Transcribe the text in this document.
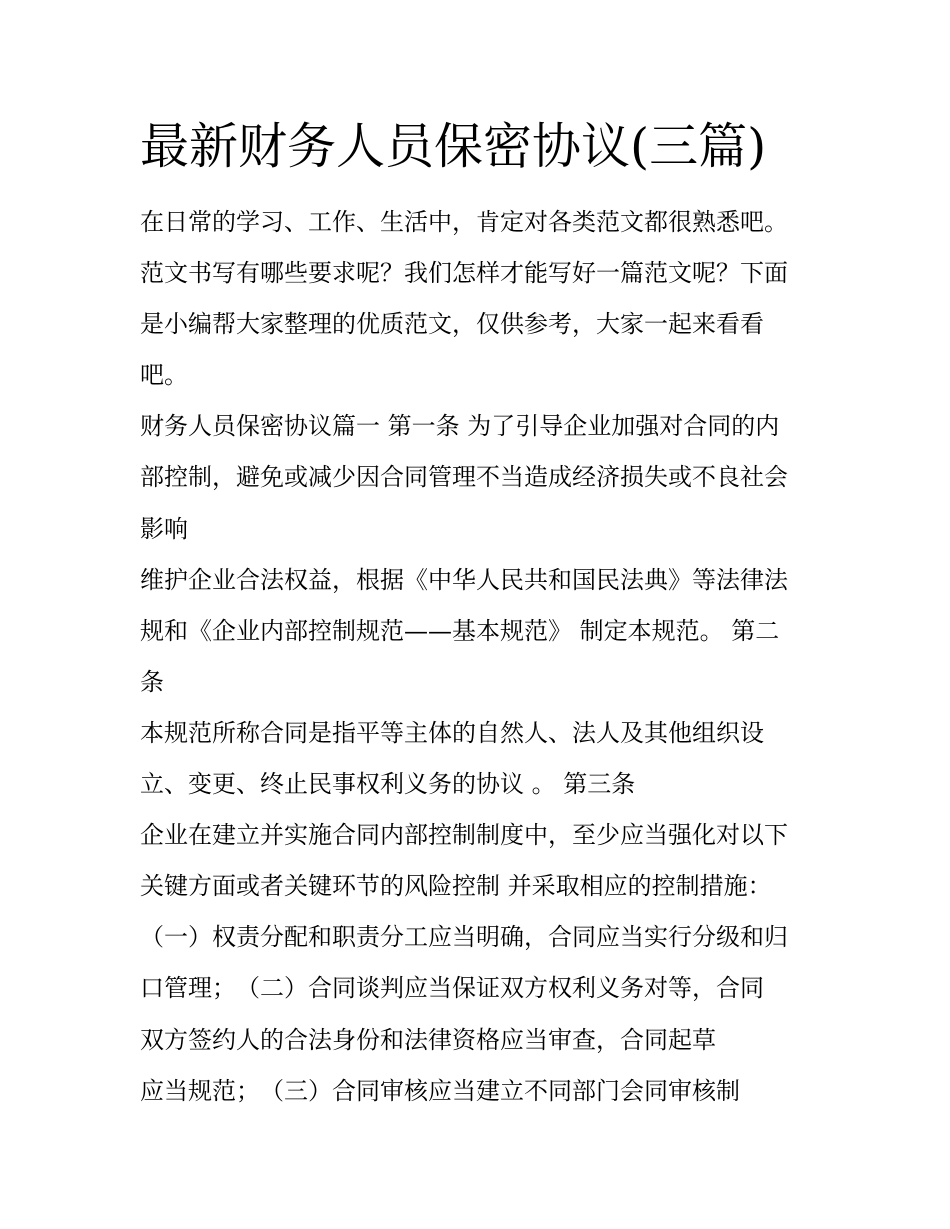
最新财务人员保密协议(三篇)
在日常的学习、工作、生活中，肯定对各类范文都很熟悉吧。
范文书写有哪些要求呢？我们怎样才能写好一篇范文呢？下面
是小编帮大家整理的优质范文，仅供参考，大家一起来看看
吧。
财务人员保密协议篇一 第一条 为了引导企业加强对合同的内
部控制，避免或减少因合同管理不当造成经济损失或不良社会
影响
维护企业合法权益，根据《中华人民共和国民法典》等法律法
规和《企业内部控制规范——基本规范》 制定本规范。 第二
条
本规范所称合同是指平等主体的自然人、法人及其他组织设
立、变更、终止民事权利义务的协议 。 第三条
企业在建立并实施合同内部控制制度中，至少应当强化对以下
关键方面或者关键环节的风险控制 并采取相应的控制措施：
（一）权责分配和职责分工应当明确，合同应当实行分级和归
口管理；　（二）合同谈判应当保证双方权利义务对等，合同
双方签约人的合法身份和法律资格应当审查，合同起草
应当规范；　（三）合同审核应当建立不同部门会同审核制
